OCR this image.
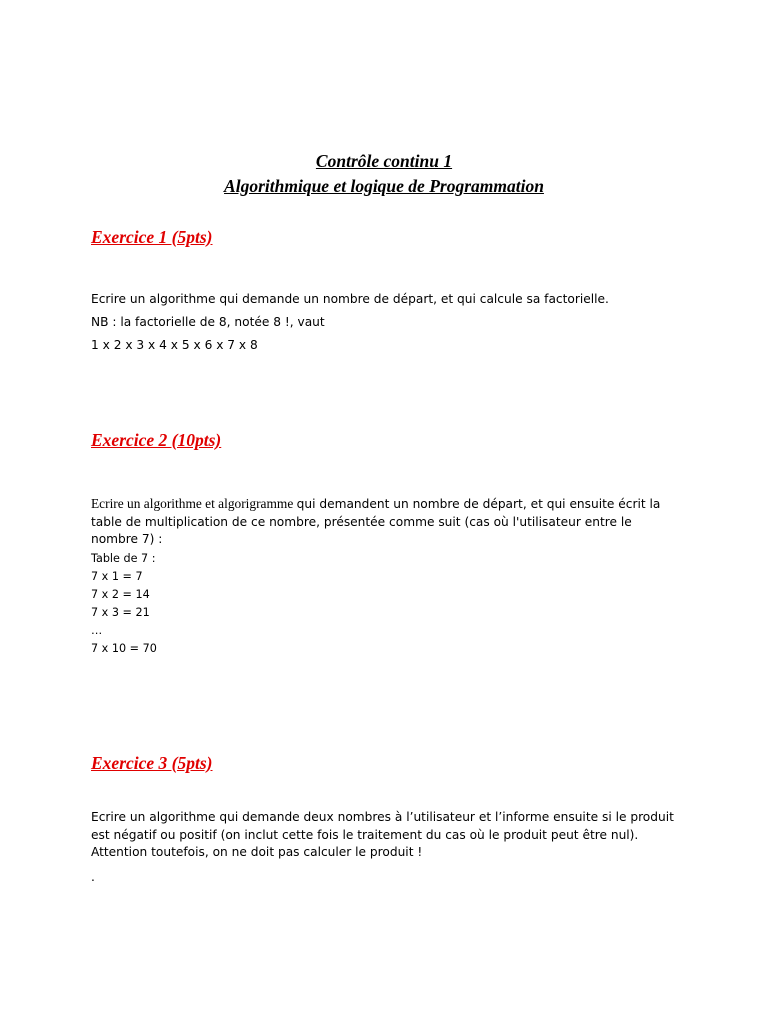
Contrôle continu 1
Algorithmique et logique de Programmation
Exercice 1 (5pts)
Ecrire un algorithme qui demande un nombre de départ, et qui calcule sa factorielle.
NB : la factorielle de 8, notée 8 !, vaut
1 x 2 x 3 x 4 x 5 x 6 x 7 x 8
Exercice 2 (10pts)

Ecrire un algorithme et algorigramme qui demandent un nombre de départ, et qui ensuite écrit la table de multiplication de ce nombre, présentée comme suit (cas où l'utilisateur entre le nombre 7) :

Table de 7 :
7 x 1 = 7
7 x 2 = 14
7 x 3 = 21
…
7 x 10 = 70
Exercice 3 (5pts)

Ecrire un algorithme qui demande deux nombres à l’utilisateur et l’informe ensuite si le produit est négatif ou positif (on inclut cette fois le traitement du cas où le produit peut être nul). Attention toutefois, on ne doit pas calculer le produit !

.
